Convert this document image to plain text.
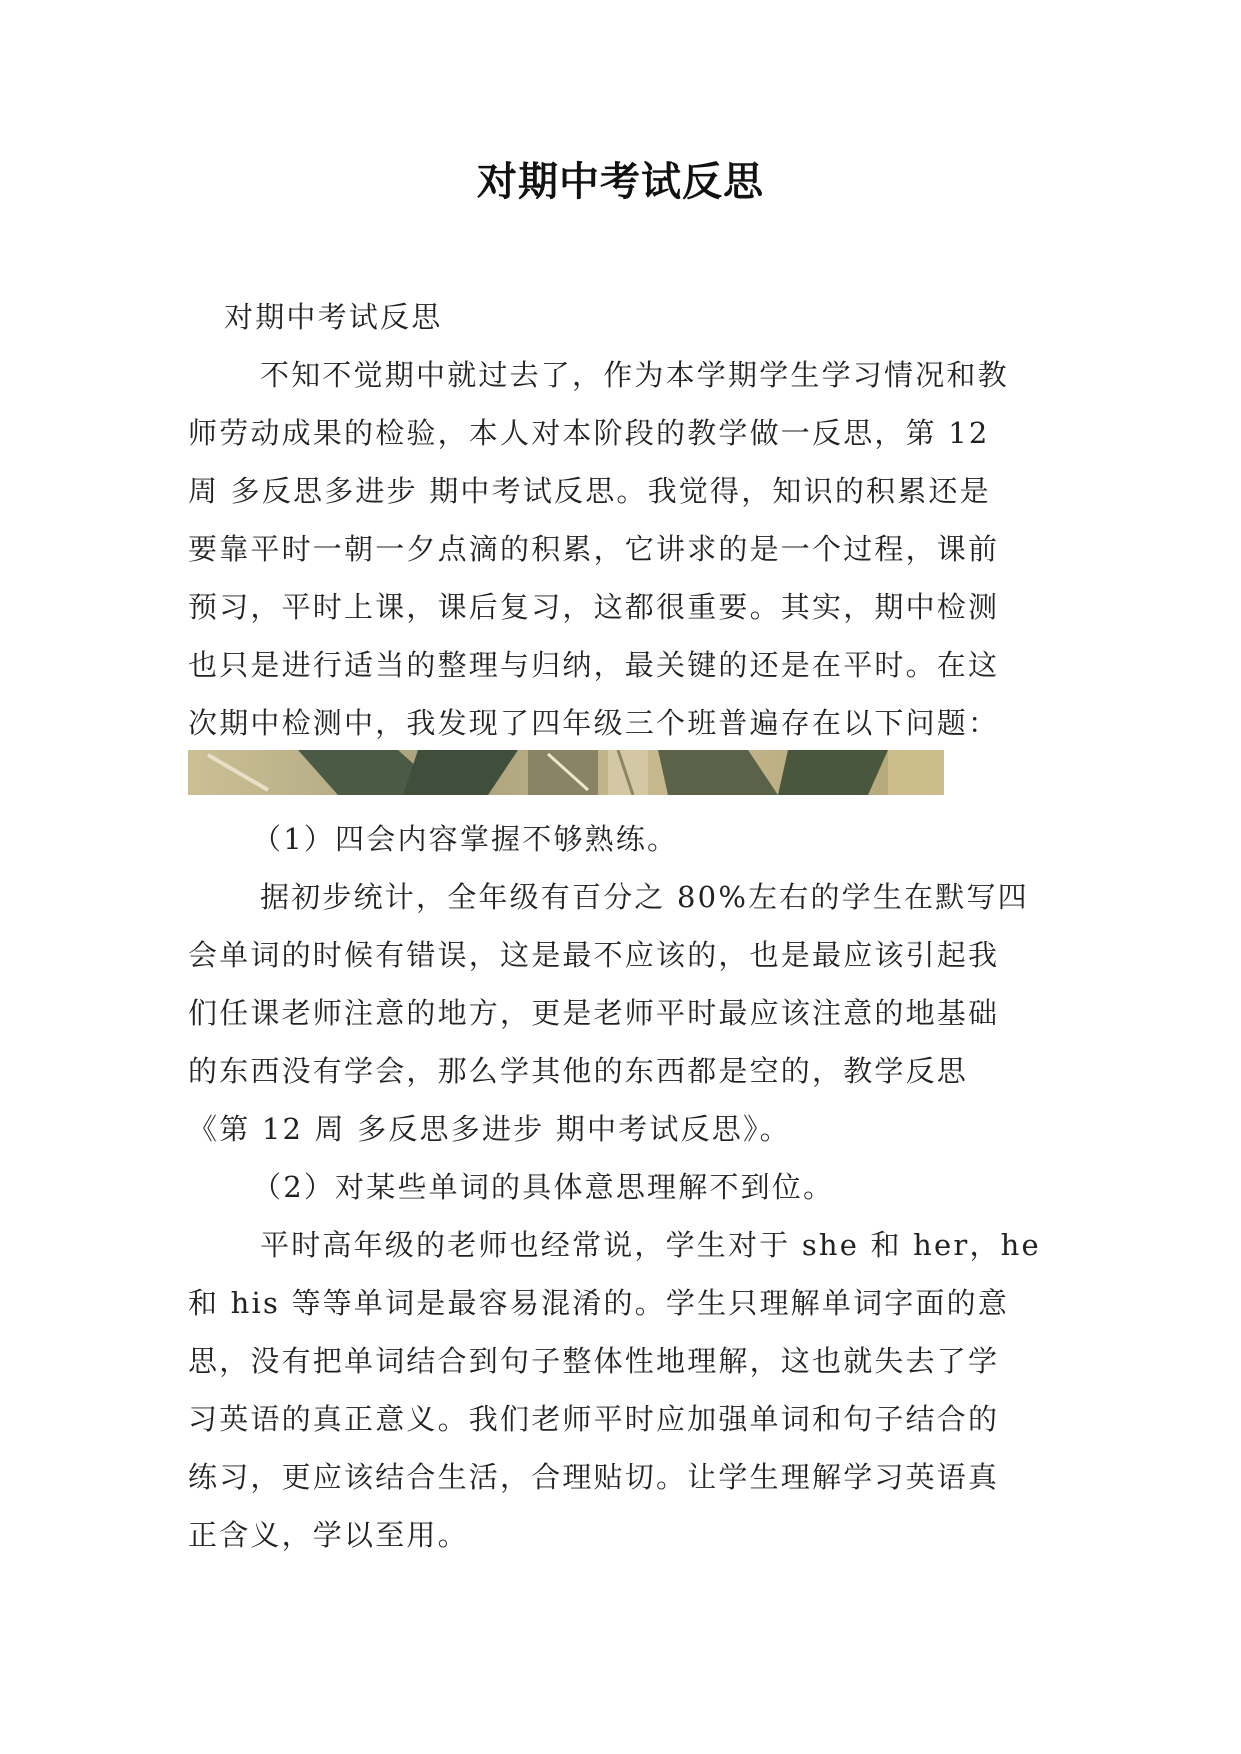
对期中考试反思
对期中考试反思
不知不觉期中就过去了，作为本学期学生学习情况和教
师劳动成果的检验，本人对本阶段的教学做一反思，第 12
周 多反思多进步 期中考试反思。我觉得，知识的积累还是
要靠平时一朝一夕点滴的积累，它讲求的是一个过程，课前
预习，平时上课，课后复习，这都很重要。其实，期中检测
也只是进行适当的整理与归纳，最关键的还是在平时。在这
次期中检测中，我发现了四年级三个班普遍存在以下问题：
（1）四会内容掌握不够熟练。
据初步统计，全年级有百分之 80%左右的学生在默写四
会单词的时候有错误，这是最不应该的，也是最应该引起我
们任课老师注意的地方，更是老师平时最应该注意的地基础
的东西没有学会，那么学其他的东西都是空的，教学反思
《第 12 周 多反思多进步 期中考试反思》。
（2）对某些单词的具体意思理解不到位。
平时高年级的老师也经常说，学生对于 she 和 her，he
和 his 等等单词是最容易混淆的。学生只理解单词字面的意
思，没有把单词结合到句子整体性地理解，这也就失去了学
习英语的真正意义。我们老师平时应加强单词和句子结合的
练习，更应该结合生活，合理贴切。让学生理解学习英语真
正含义，学以至用。
